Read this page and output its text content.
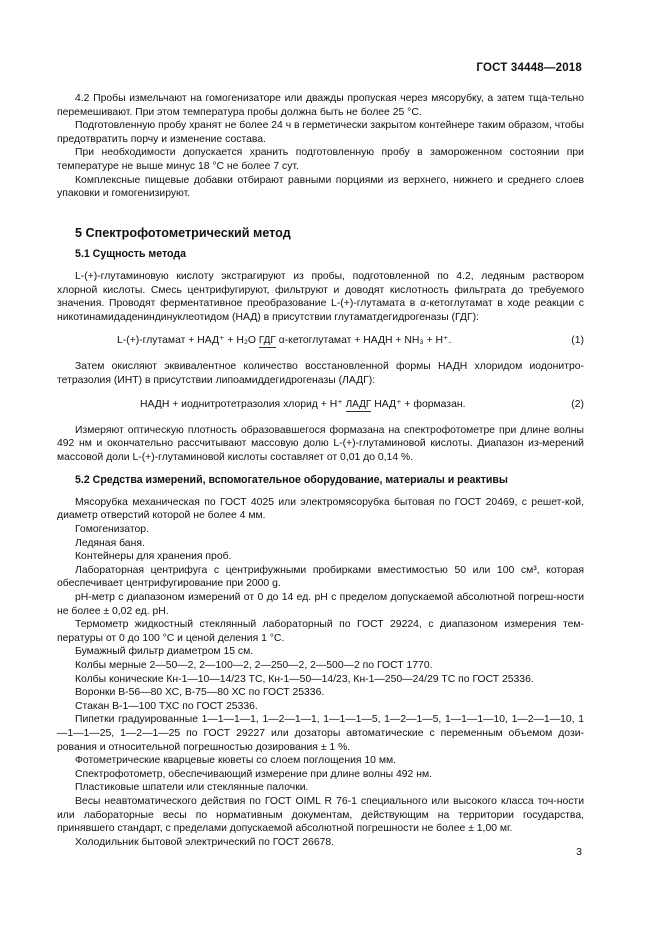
ГОСТ 34448—2018

4.2 Пробы измельчают на гомогенизаторе или дважды пропуская через мясорубку, а затем тща-тельно перемешивают. При этом температура пробы должна быть не более 25 °С.

Подготовленную пробу хранят не более 24 ч в герметически закрытом контейнере таким образом, чтобы предотвратить порчу и изменение состава.

При необходимости допускается хранить подготовленную пробу в замороженном состоянии при температуре не выше минус 18 °С не более 7 сут.

Комплексные пищевые добавки отбирают равными порциями из верхнего, нижнего и среднего слоев упаковки и гомогенизируют.

5 Спектрофотометрический метод
5.1 Сущность метода

L-(+)-глутаминовую кислоту экстрагируют из пробы, подготовленной по 4.2, ледяным раствором хлорной кислоты. Смесь центрифугируют, фильтруют и доводят кислотность фильтрата до требуемого значения. Проводят ферментативное преобразование L-(+)-глутамата в α-кетоглутамат в ходе реакции с никотинамидадениндинуклеотидом (НАД) в присутствии глутаматдегидрогеназы (ГДГ):

L-(+)-глутамат + НАД⁺ + Н₂О ГДГ α-кетоглутамат + НАДН + NH₃ + Н⁺.	(1)

Затем окисляют эквивалентное количество восстановленной формы НАДН хлоридом иодонитро-тетразолия (ИНТ) в присутствии липоамиддегидрогеназы (ЛАДГ):

НАДН + иоднитротетразолия хлорид + Н⁺ ЛАДГ НАД⁺ + формазан.	(2)

Измеряют оптическую плотность образовавшегося формазана на спектрофотометре при длине волны 492 нм и окончательно рассчитывают массовую долю L-(+)-глутаминовой кислоты. Диапазон из-мерений массовой доли L-(+)-глутаминовой кислоты составляет от 0,01 до 0,14 %.

5.2 Средства измерений, вспомогательное оборудование, материалы и реактивы

Мясорубка механическая по ГОСТ 4025 или электромясорубка бытовая по ГОСТ 20469, с решет-кой, диаметр отверстий которой не более 4 мм.

Гомогенизатор.

Ледяная баня.

Контейнеры для хранения проб.

Лабораторная центрифуга с центрифужными пробирками вместимостью 50 или 100 см³, которая обеспечивает центрифугирование при 2000 g.

pH-метр с диапазоном измерений от 0 до 14 ед. pH с пределом допускаемой абсолютной погреш-ности не более ± 0,02 ед. pH.

Термометр жидкостный стеклянный лабораторный по ГОСТ 29224, с диапазоном измерения тем-пературы от 0 до 100 °С и ценой деления 1 °С.

Бумажный фильтр диаметром 15 см.

Колбы мерные 2—50—2, 2—100—2, 2—250—2, 2—500—2 по ГОСТ 1770.

Колбы конические Кн-1—10—14/23 ТС, Кн-1—50—14/23, Кн-1—250—24/29 ТС по ГОСТ 25336.

Воронки В-56—80 ХС, В-75—80 ХС по ГОСТ 25336.

Стакан В-1—100 ТХС по ГОСТ 25336.

Пипетки градуированные 1—1—1—1, 1—2—1—1, 1—1—1—5, 1—2—1—5, 1—1—1—10, 1—2—1—10, 1—1—1—25, 1—2—1—25 по ГОСТ 29227 или дозаторы автоматические с переменным объемом дози-рования и относительной погрешностью дозирования ± 1 %.

Фотометрические кварцевые кюветы со слоем поглощения 10 мм.

Спектрофотометр, обеспечивающий измерение при длине волны 492 нм.

Пластиковые шпатели или стеклянные палочки.

Весы неавтоматического действия по ГОСТ OIML R 76-1 специального или высокого класса точ-ности или лабораторные весы по нормативным документам, действующим на территории государства, принявшего стандарт, с пределами допускаемой абсолютной погрешности не более ± 1,00 мг.

Холодильник бытовой электрический по ГОСТ 26678.

3
